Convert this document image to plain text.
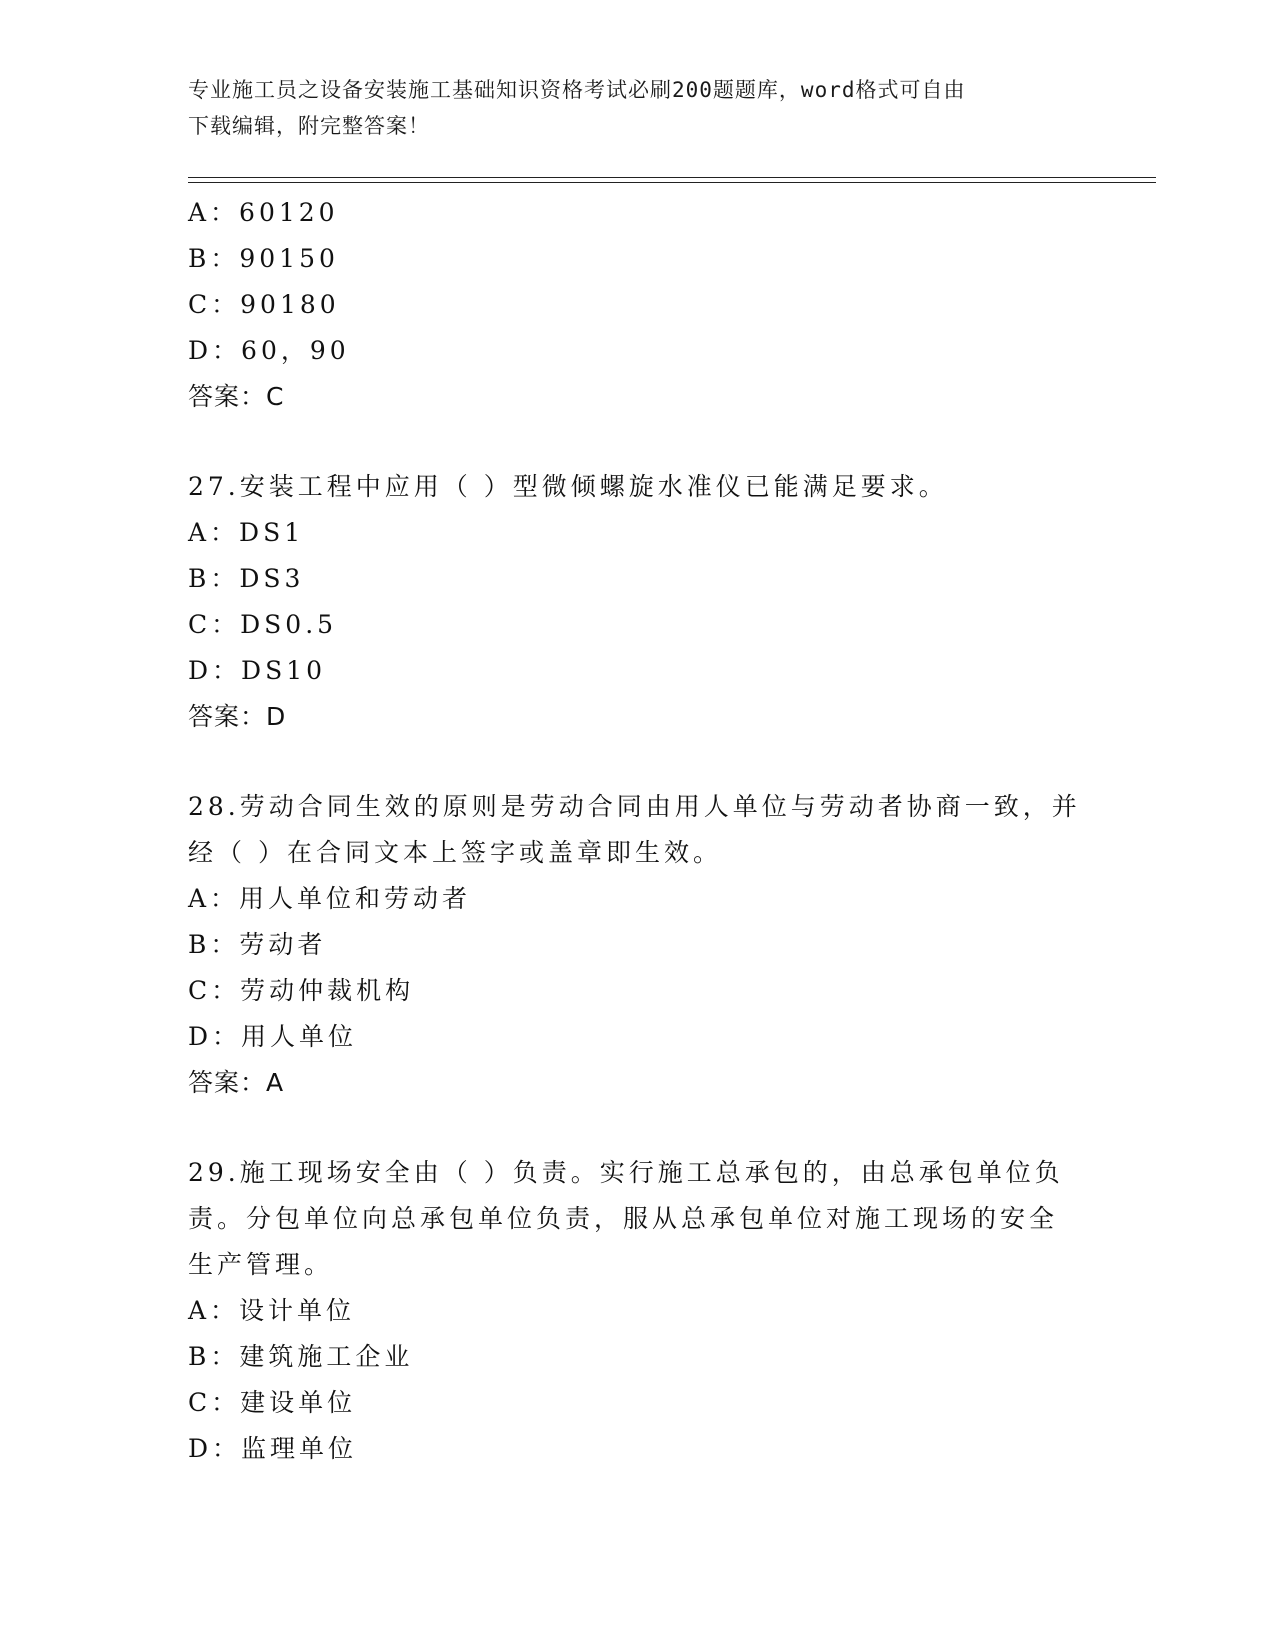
专业施工员之设备安装施工基础知识资格考试必刷200题题库，word格式可自由
下载编辑，附完整答案！
A：60120
B：90150
C：90180
D：60，90
答案：C
27.安装工程中应用（ ）型微倾螺旋水准仪已能满足要求。
A：DS1
B：DS3
C：DS0.5
D：DS10
答案：D
28.劳动合同生效的原则是劳动合同由用人单位与劳动者协商一致，并
经（ ）在合同文本上签字或盖章即生效。
A：用人单位和劳动者
B：劳动者
C：劳动仲裁机构
D：用人单位
答案：A
29.施工现场安全由（ ）负责。实行施工总承包的，由总承包单位负
责。分包单位向总承包单位负责，服从总承包单位对施工现场的安全
生产管理。
A：设计单位
B：建筑施工企业
C：建设单位
D：监理单位
